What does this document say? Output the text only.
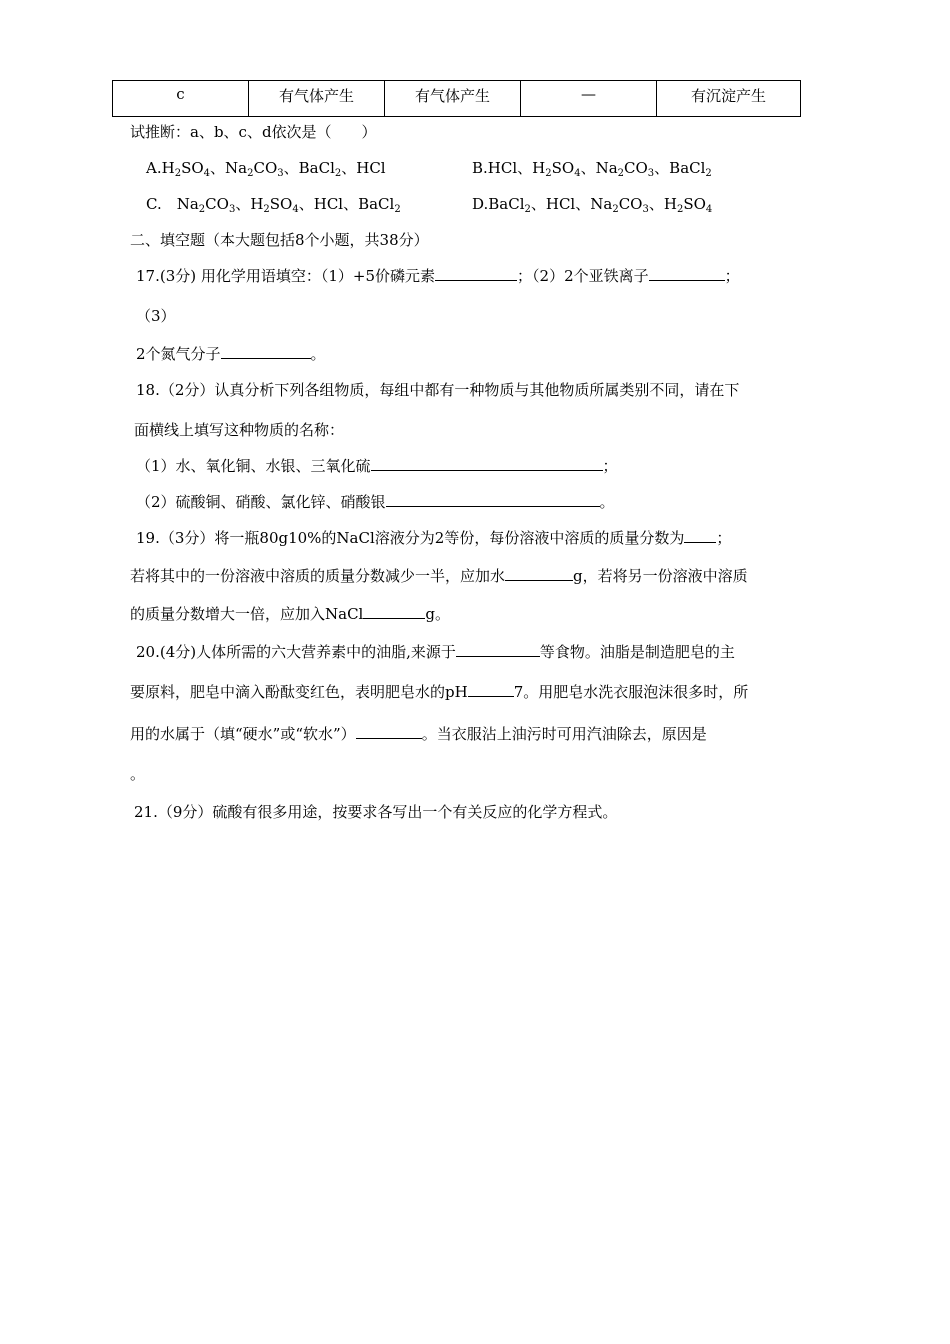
c	有气体产生	有气体产生	—	有沉淀产生
试推断：a、b、c、d依次是（　　）
$A.H_2SO_4$、$Na_2CO_3$、BaCl$_2$、HCl	B.HCl、$H_2SO_4$、$Na_2CO_3$、BaCl$_2$
C.　$Na_2CO_3$、$H_2SO_4$、HCl、BaCl$_2$	D.BaCl$_2$、HCl、$Na_2CO_3$、$H_2SO_4$
二、填空题（本大题包括8个小题，共38分）
17.(3分) 用化学用语填空：（1）+5价磷元素	；（2）2个亚铁离子	；
（3）
2个氮气分子	。
18.（2分）认真分析下列各组物质，每组中都有一种物质与其他物质所属类别不同，请在下
面横线上填写这种物质的名称：
（1）水、氧化铜、水银、三氧化硫	；
（2）硫酸铜、硝酸、氯化锌、硝酸银	。
19.（3分）将一瓶80g10%的NaCl溶液分为2等份，每份溶液中溶质的质量分数为 ；
若将其中的一份溶液中溶质的质量分数减少一半，应加水	g，若将另一份溶液中溶质
的质量分数增大一倍，应加入NaCl	g。
20.(4分)人体所需的六大营养素中的油脂,来源于	等食物。油脂是制造肥皂的主
要原料，肥皂中滴入酚酞变红色，表明肥皂水的pH	7。用肥皂水洗衣服泡沫很多时，所
用的水属于（填“硬水”或“软水”）	。当衣服沾上油污时可用汽油除去，原因是
。
21.（9分）硫酸有很多用途，按要求各写出一个有关反应的化学方程式。
